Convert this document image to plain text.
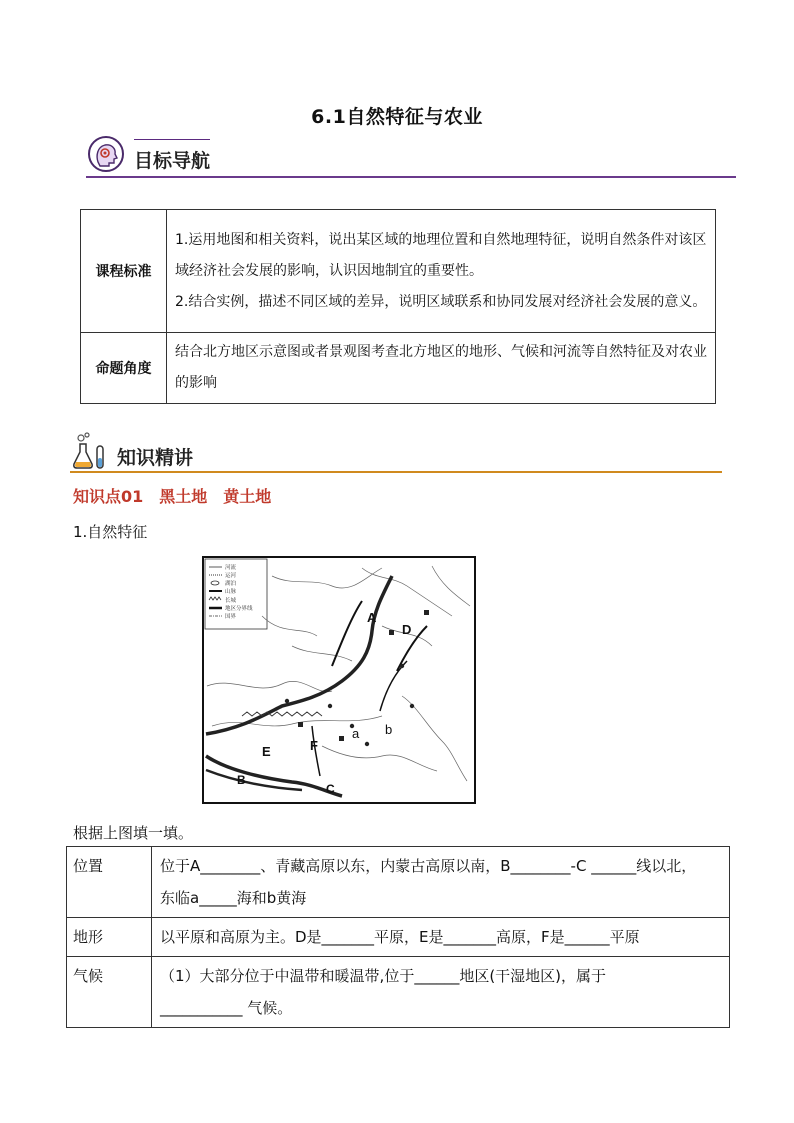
6.1自然特征与农业
目标导航
课程标准	1.运用地图和相关资料，说出某区域的地理位置和自然地理特征，说明自然条件对该区域经济社会发展的影响，认识因地制宜的重要性。
2.结合实例，描述不同区域的差异，说明区域联系和协同发展对经济社会发展的意义。

命题角度	结合北方地区示意图或者景观图考查北方地区的地形、气候和河流等自然特征及对农业的影响
知识精讲
知识点01　黑土地　黄土地
1.自然特征
河流
运河
湖泊
山脉
长城
地区分界线
国界	A
D
E	F
B
C
a b
根据上图填一填。
位置	位于A________、青藏高原以东，内蒙古高原以南，B________-C ______线以北，
东临a_____海和b黄海

地形	以平原和高原为主。D是_______平原，E是_______高原，F是______平原

气候	（1）大部分位于中温带和暖温带,位于______地区(干湿地区)，属于
___________ 气候。
